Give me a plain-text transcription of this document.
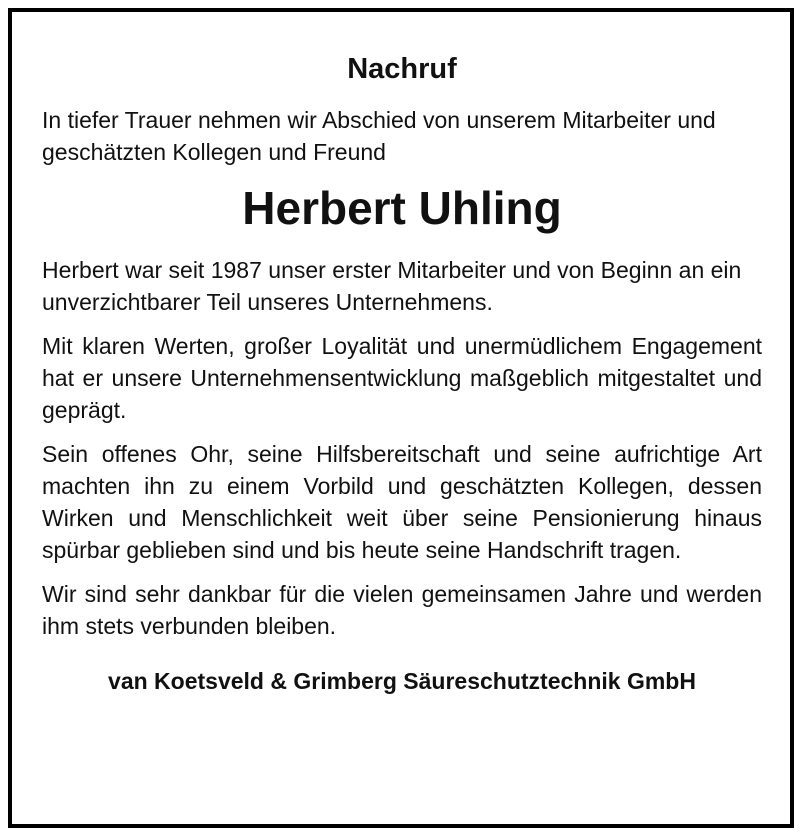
Nachruf

In tiefer Trauer nehmen wir Abschied von unserem Mitarbeiter und geschätzten Kollegen und Freund

Herbert Uhling

Herbert war seit 1987 unser erster Mitarbeiter und von Beginn an ein unverzichtbarer Teil unseres Unternehmens.

Mit klaren Werten, großer Loyalität und unermüdlichem Engagement hat er unsere Unternehmensentwicklung maßgeblich mitgestaltet und geprägt.

Sein offenes Ohr, seine Hilfsbereitschaft und seine aufrichtige Art machten ihn zu einem Vorbild und geschätzten Kollegen, dessen Wirken und Menschlichkeit weit über seine Pensionierung hinaus spürbar geblieben sind und bis heute seine Handschrift tragen.

Wir sind sehr dankbar für die vielen gemeinsamen Jahre und werden ihm stets verbunden bleiben.

van Koetsveld & Grimberg Säureschutztechnik GmbH
